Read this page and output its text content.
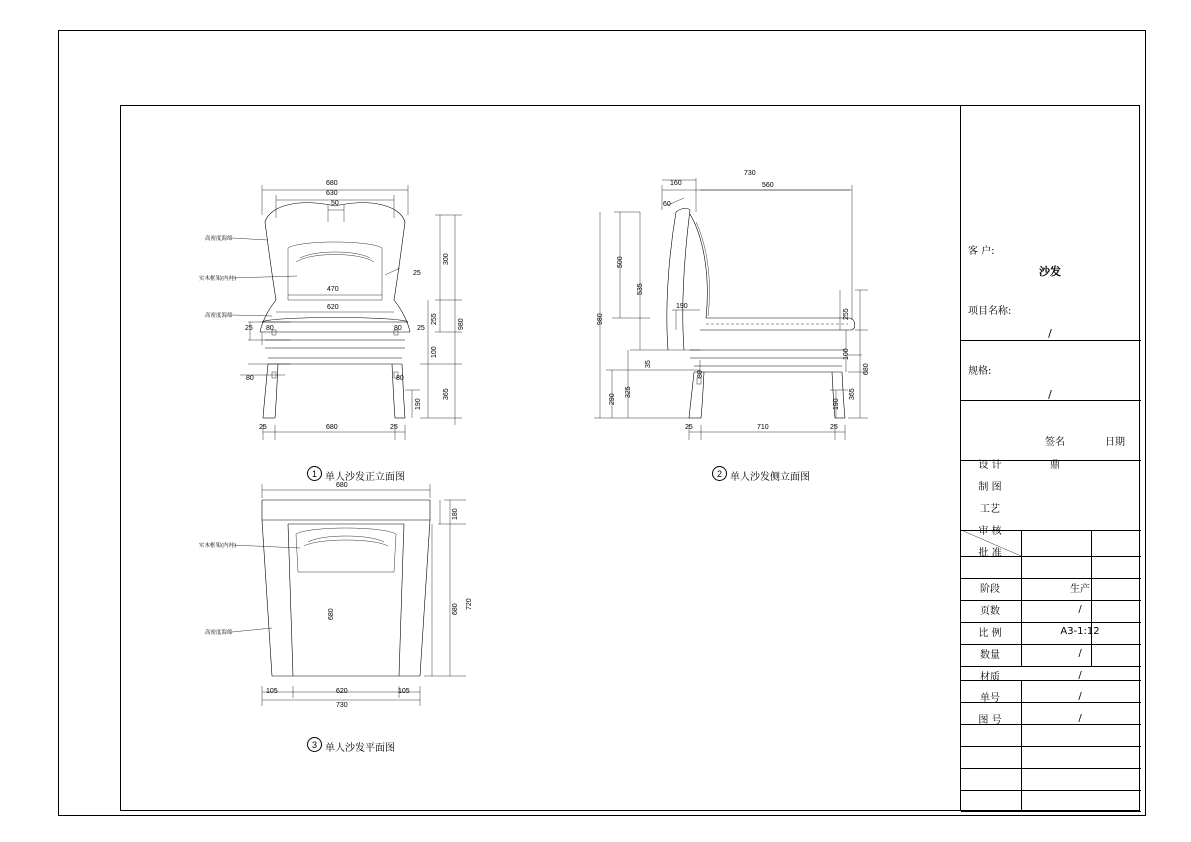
680
630
50
470
620
25 80	80 25
680
25	25
300
255	980
100
365
190
80	80
25
高密度海绵
实木框架(内衬)
高密度海绵
160
730
560
710
25	25
190
60
500
980
535
325
290
255
100
680
365
190
35
80
680
105	620	105
730
180
680 720
680
实木框架(内衬)
高密度海绵
1 单人沙发正立面图	2 单人沙发侧立面图
3 单人沙发平面图
客 户:
沙发
项目名称:
/
规格:
/
签名	日期
设 计	鼎
制 图
工艺
审 核
批 准
阶段	生产
页数	/
比 例	A3-1:12
数量	/
材质	/
单号	/
图 号	/
